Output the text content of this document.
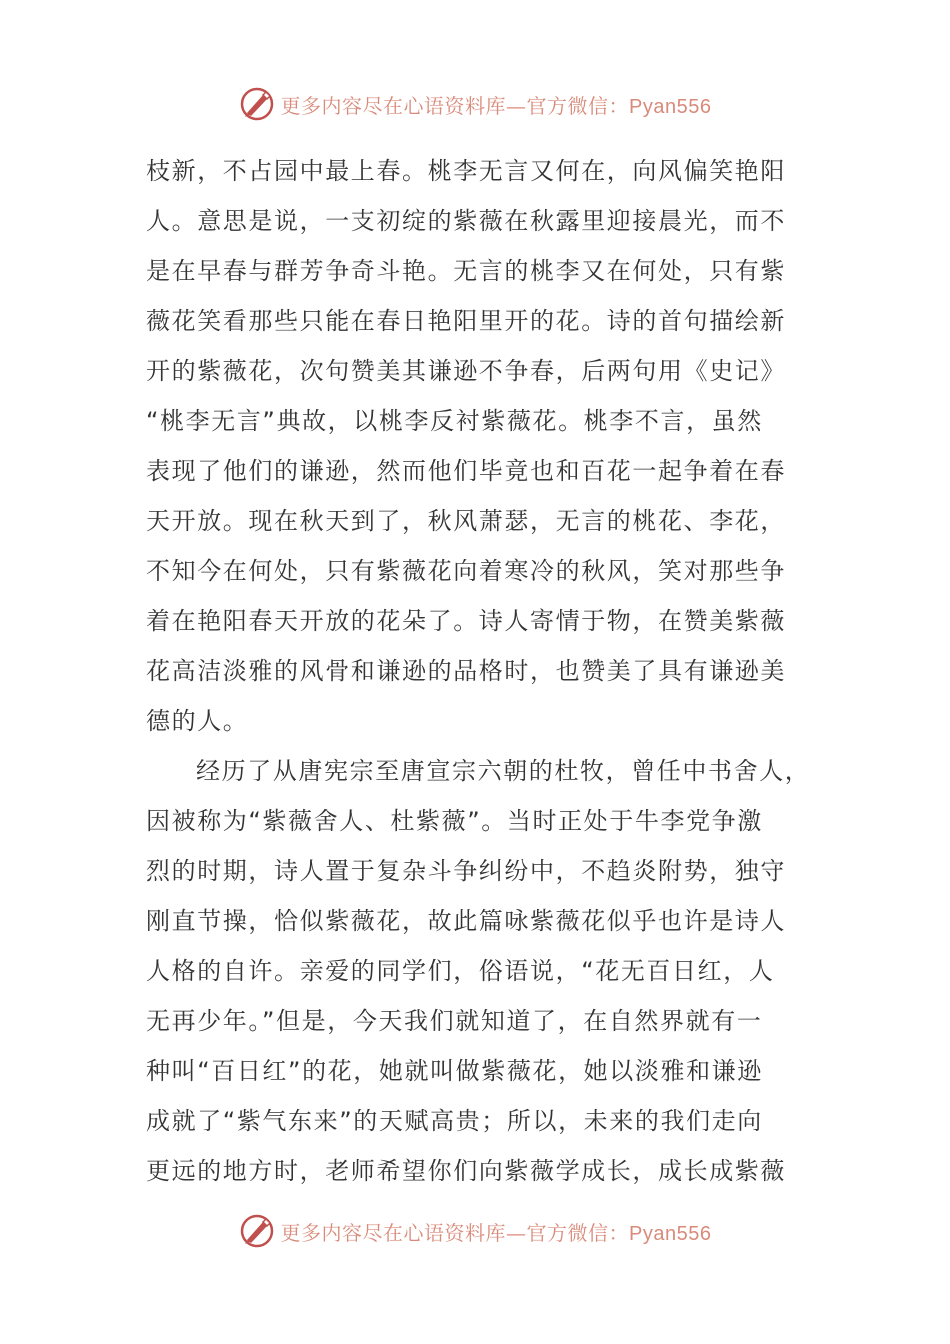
更多内容尽在心语资料库—官方微信：Pyan556
枝新，不占园中最上春。桃李无言又何在，向风偏笑艳阳
人。意思是说，一支初绽的紫薇在秋露里迎接晨光，而不
是在早春与群芳争奇斗艳。无言的桃李又在何处，只有紫
薇花笑看那些只能在春日艳阳里开的花。诗的首句描绘新
开的紫薇花，次句赞美其谦逊不争春，后两句用《史记》
“桃李无言”典故，以桃李反衬紫薇花。桃李不言，虽然
表现了他们的谦逊，然而他们毕竟也和百花一起争着在春
天开放。现在秋天到了，秋风萧瑟，无言的桃花、李花，
不知今在何处，只有紫薇花向着寒冷的秋风，笑对那些争
着在艳阳春天开放的花朵了。诗人寄情于物，在赞美紫薇
花高洁淡雅的风骨和谦逊的品格时，也赞美了具有谦逊美
德的人。
经历了从唐宪宗至唐宣宗六朝的杜牧，曾任中书舍人，
因被称为“紫薇舍人、杜紫薇”。当时正处于牛李党争激
烈的时期，诗人置于复杂斗争纠纷中，不趋炎附势，独守
刚直节操，恰似紫薇花，故此篇咏紫薇花似乎也许是诗人
人格的自许。亲爱的同学们，俗语说，“花无百日红，人
无再少年。”但是，今天我们就知道了，在自然界就有一
种叫“百日红”的花，她就叫做紫薇花，她以淡雅和谦逊
成就了“紫气东来”的天赋高贵；所以，未来的我们走向
更远的地方时，老师希望你们向紫薇学成长，成长成紫薇
更多内容尽在心语资料库—官方微信：Pyan556
